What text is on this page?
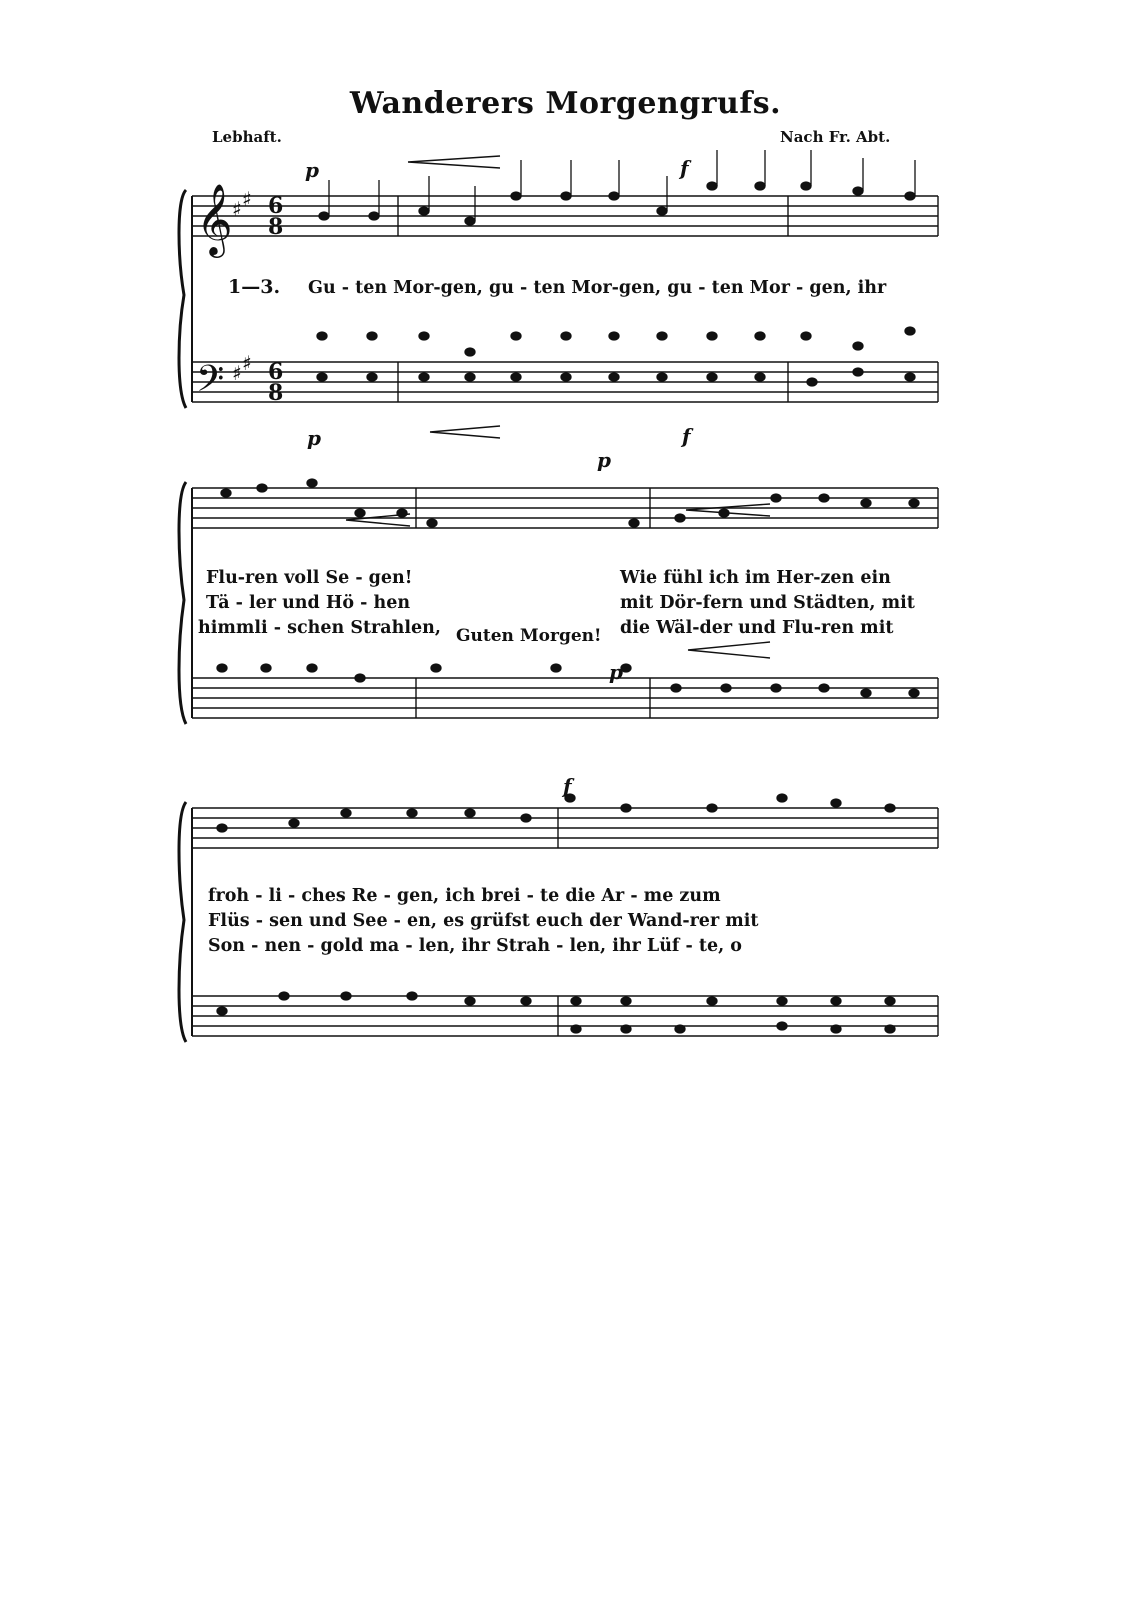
Wanderers Morgengrufs.
Lebhaft.	Nach Fr. Abt.
𝄞
𝄢
♯ ♯
♯ ♯
6
8
6
8
p	f
1—3. Gu - ten Mor-gen, gu - ten Mor-gen, gu - ten Mor - gen, ihr
p
p
f
p
Flu-ren voll Se - gen!
Tä - ler und Hö - hen
himmli - schen Strahlen,
Wie fühl ich im Her-zen ein
mit Dör-fern und Städten, mit
die Wäl-der und Flu-ren mit
Guten Morgen!
f
froh - li - ches Re - gen, ich brei - te die Ar - me zum
Flüs - sen und See - en, es grüfst euch der Wand-rer mit
Son - nen - gold ma - len, ihr Strah - len, ihr Lüf - te, o
